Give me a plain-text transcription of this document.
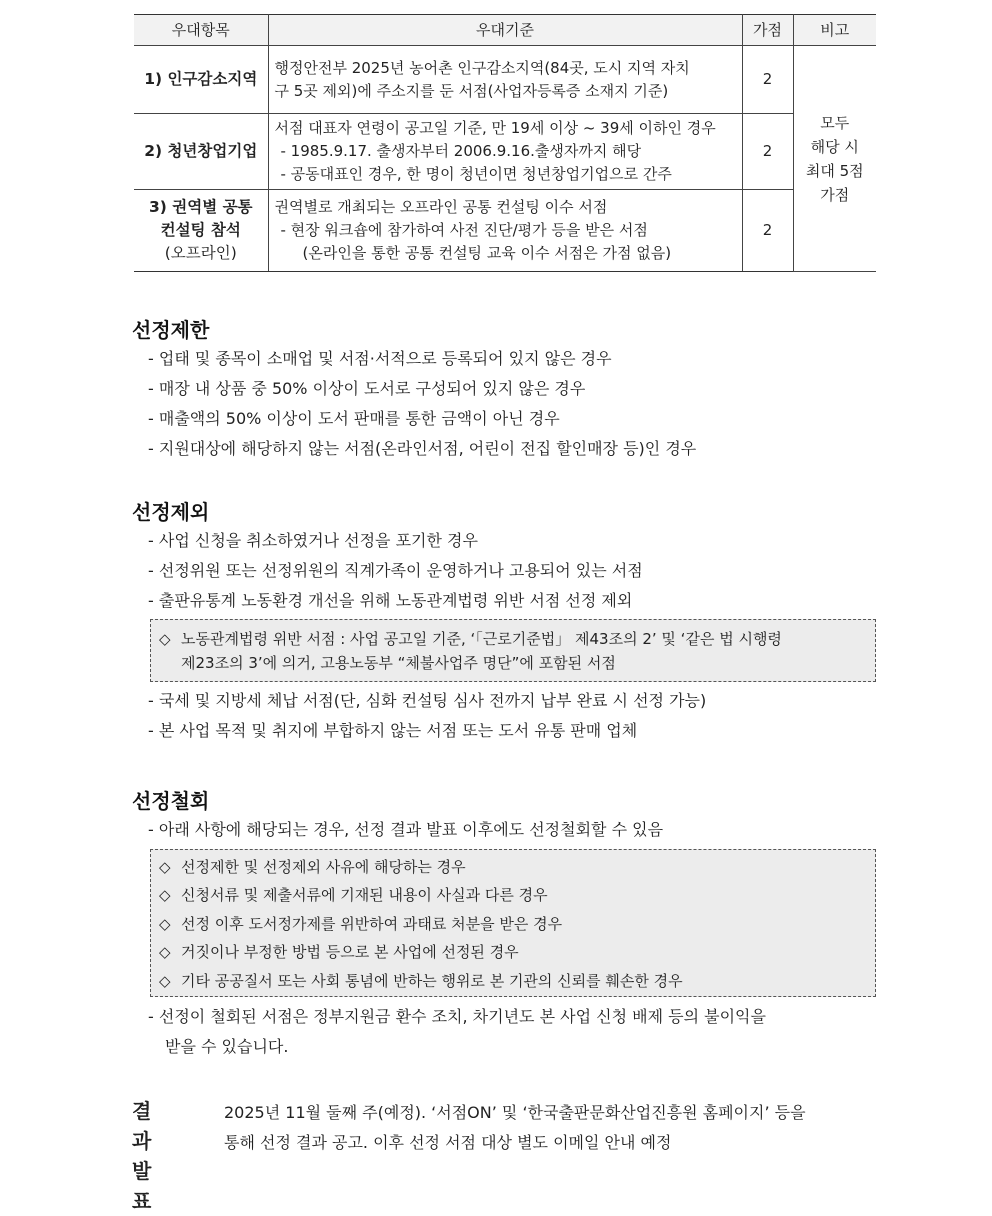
우대항목	우대기준	가점	비고
1) 인구감소지역	행정안전부 2025년 농어촌 인구감소지역(84곳, 도시 지역 자치
구 5곳 제외)에 주소지를 둔 서점(사업자등록증 소재지 기준)	2	모두
해당 시
최대 5점
가점

2) 청년창업기업	서점 대표자 연령이 공고일 기준, 만 19세 이상 ~ 39세 이하인 경우
- 1985.9.17. 출생자부터 2006.9.16.출생자까지 해당
- 공동대표인 경우, 한 명이 청년이면 청년창업기업으로 간주	2	

3) 권역별 공통
컨설팅 참석
(오프라인)	권역별로 개최되는 오프라인 공통 컨설팅 이수 서점
- 현장 워크숍에 참가하여 사전 진단/평가 등을 받은 서점
(온라인을 통한 공통 컨설팅 교육 이수 서점은 가점 없음)	2	
선정제한
- 업태 및 종목이 소매업 및 서점·서적으로 등록되어 있지 않은 경우
- 매장 내 상품 중 50% 이상이 도서로 구성되어 있지 않은 경우
- 매출액의 50% 이상이 도서 판매를 통한 금액이 아닌 경우
- 지원대상에 해당하지 않는 서점(온라인서점, 어린이 전집 할인매장 등)인 경우
선정제외
- 사업 신청을 취소하였거나 선정을 포기한 경우
- 선정위원 또는 선정위원의 직계가족이 운영하거나 고용되어 있는 서점
- 출판유통계 노동환경 개선을 위해 노동관계법령 위반 서점 선정 제외
◇ 노동관계법령 위반 서점 : 사업 공고일 기준, ‘「근로기준법」 제43조의 2’ 및 ‘같은 법 시행령
제23조의 3’에 의거, 고용노동부 “체불사업주 명단”에 포함된 서점
- 국세 및 지방세 체납 서점(단, 심화 컨설팅 심사 전까지 납부 완료 시 선정 가능)
- 본 사업 목적 및 취지에 부합하지 않는 서점 또는 도서 유통 판매 업체
선정철회
- 아래 사항에 해당되는 경우, 선정 결과 발표 이후에도 선정철회할 수 있음
◇ 선정제한 및 선정제외 사유에 해당하는 경우
◇ 신청서류 및 제출서류에 기재된 내용이 사실과 다른 경우
◇ 선정 이후 도서정가제를 위반하여 과태료 처분을 받은 경우
◇ 거짓이나 부정한 방법 등으로 본 사업에 선정된 경우
◇ 기타 공공질서 또는 사회 통념에 반하는 행위로 본 기관의 신뢰를 훼손한 경우
- 선정이 철회된 서점은 정부지원금 환수 조치, 차기년도 본 사업 신청 배제 등의 불이익을
받을 수 있습니다.
결과발표
2025년 11월 둘째 주(예정). ‘서점ON’ 및 ‘한국출판문화산업진흥원 홈페이지’ 등을
통해 선정 결과 공고. 이후 선정 서점 대상 별도 이메일 안내 예정
